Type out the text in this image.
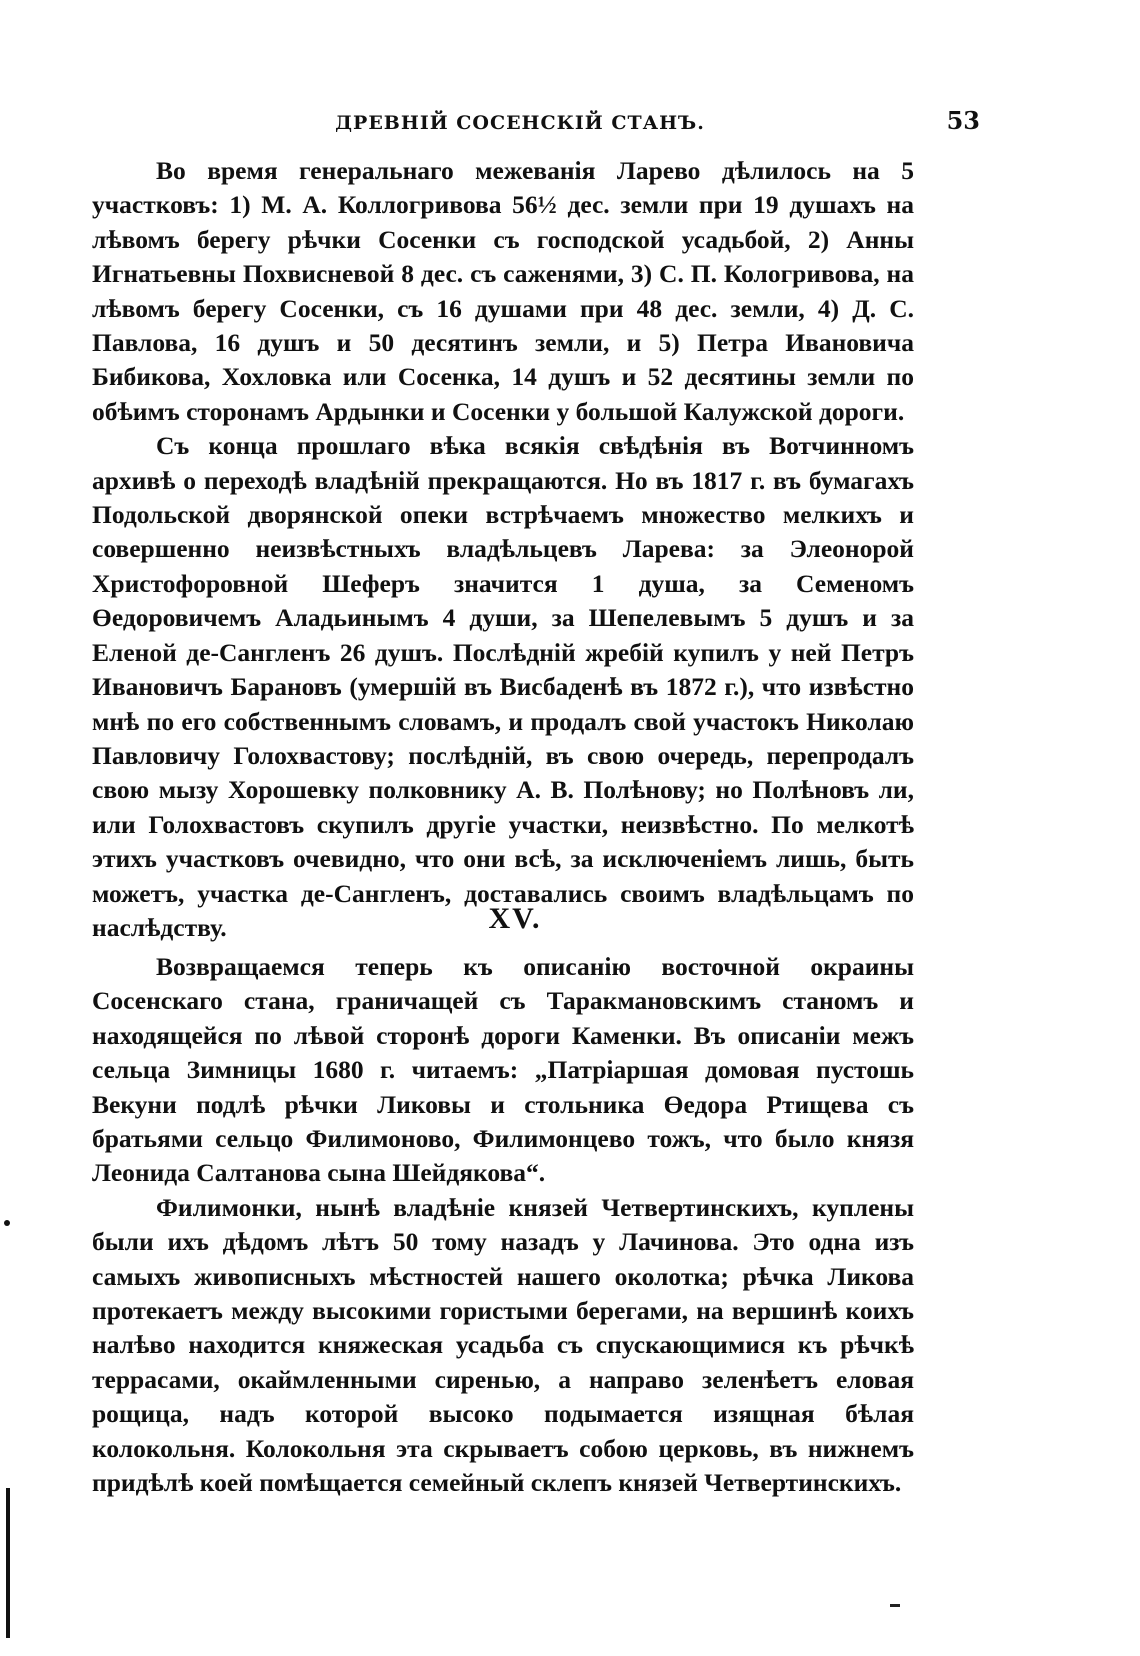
ДРЕВНІЙ СОСЕНСКІЙ СТАНЪ.	53

Во время генеральнаго межеванія Ларево дѣлилось на 5 участковъ: 1) М. А. Коллогривова 56½ дес. земли при 19 душахъ на лѣвомъ берегу рѣчки Сосенки съ господской усадьбой, 2) Анны Игнатьевны Похвисневой 8 дес. съ саженями, 3) С. П. Кологривова, на лѣвомъ берегу Сосенки, съ 16 душами при 48 дес. земли, 4) Д. С. Павлова, 16 душъ и 50 десятинъ земли, и 5) Петра Ивановича Бибикова, Хохловка или Сосенка, 14 душъ и 52 десятины земли по обѣимъ сторонамъ Ардынки и Сосенки у большой Калужской дороги.

Съ конца прошлаго вѣка всякія свѣдѣнія въ Вотчинномъ архивѣ о переходѣ владѣній прекращаются. Но въ 1817 г. въ бумагахъ Подольской дворянской опеки встрѣчаемъ множество мелкихъ и совершенно неизвѣстныхъ владѣльцевъ Ларева: за Элеонорой Христофоровной Шеферъ значится 1 душа, за Семеномъ Өедоровичемъ Аладьинымъ 4 души, за Шепелевымъ 5 душъ и за Еленой де-Сангленъ 26 душъ. Послѣдній жребій купилъ у ней Петръ Ивановичъ Барановъ (умершій въ Висбаденѣ въ 1872 г.), что извѣстно мнѣ по его собственнымъ словамъ, и продалъ свой участокъ Николаю Павловичу Голохвастову; послѣдній, въ свою очередь, перепродалъ свою мызу Хорошевку полковнику А. В. Полѣнову; но Полѣновъ ли, или Голохвастовъ скупилъ другіе участки, неизвѣстно. По мелкотѣ этихъ участковъ очевидно, что они всѣ, за исключеніемъ лишь, быть можетъ, участка де-Сангленъ, доставались своимъ владѣльцамъ по наслѣдству.	XV.

Возвращаемся теперь къ описанію восточной окраины Сосенскаго стана, граничащей съ Таракмановскимъ станомъ и находящейся по лѣвой сторонѣ дороги Каменки. Въ описаніи межъ сельца Зимницы 1680 г. читаемъ: „Патріаршая домовая пустошь Векуни подлѣ рѣчки Ликовы и стольника Өедора Ртищева съ братьями сельцо Филимоново, Филимонцево тожъ, что было князя Леонида Салтанова сына Шейдякова“.

Филимонки, нынѣ владѣніе князей Четвертинскихъ, куплены были ихъ дѣдомъ лѣтъ 50 тому назадъ у Лачинова. Это одна изъ самыхъ живописныхъ мѣстностей нашего околотка; рѣчка Ликова протекаетъ между высокими гористыми берегами, на вершинѣ коихъ налѣво находится княжеская усадьба съ спускающимися къ рѣчкѣ террасами, окаймленными сиренью, а направо зеленѣетъ еловая рощица, надъ которой высоко подымается изящная бѣлая колокольня. Колокольня эта скрываетъ собою церковь, въ нижнемъ придѣлѣ коей помѣщается семейный склепъ князей Четвертинскихъ.
